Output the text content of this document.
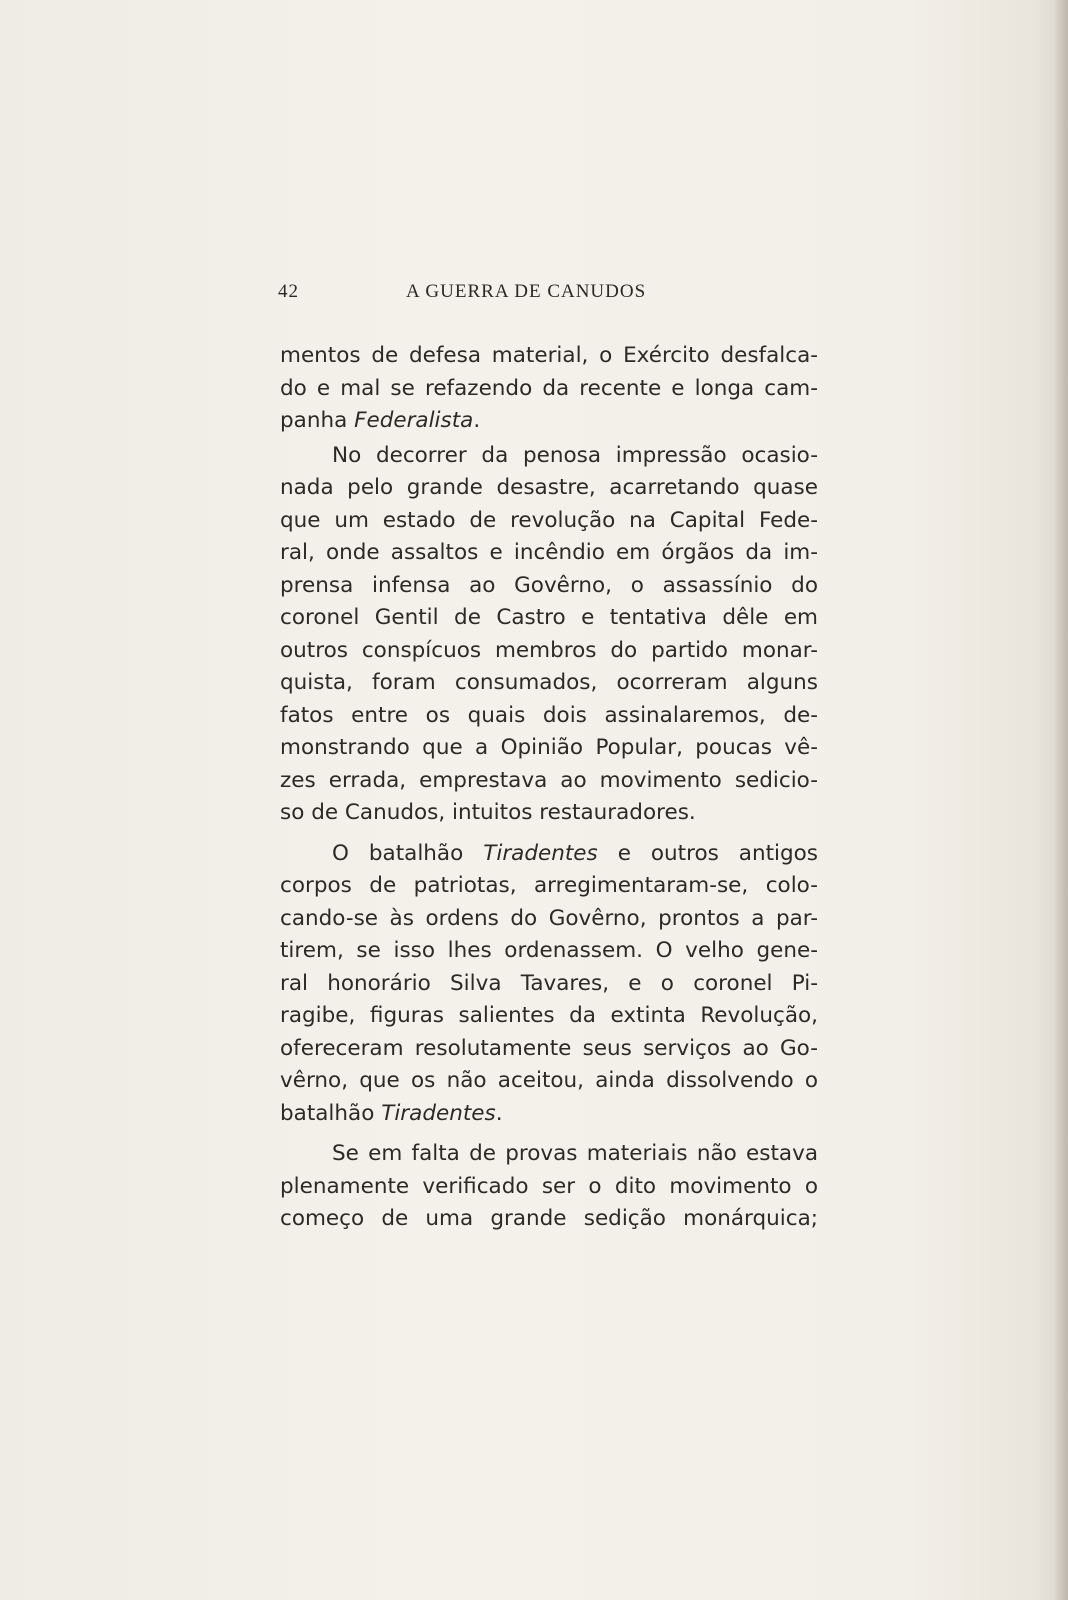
42	A GUERRA DE CANUDOS

mentos de defesa material, o Exército desfalca-
do e mal se refazendo da recente e longa cam-
panha Federalista.

No decorrer da penosa impressão ocasio-
nada pelo grande desastre, acarretando quase
que um estado de revolução na Capital Fede-
ral, onde assaltos e incêndio em órgãos da im-
prensa infensa ao Govêrno, o assassínio do
coronel Gentil de Castro e tentativa dêle em
outros conspícuos membros do partido monar-
quista, foram consumados, ocorreram alguns
fatos entre os quais dois assinalaremos, de-
monstrando que a Opinião Popular, poucas vê-
zes errada, emprestava ao movimento sedicio-
so de Canudos, intuitos restauradores.

O batalhão Tiradentes e outros antigos
corpos de patriotas, arregimentaram-se, colo-
cando-se às ordens do Govêrno, prontos a par-
tirem, se isso lhes ordenassem. O velho gene-
ral honorário Silva Tavares, e o coronel Pi-
ragibe, figuras salientes da extinta Revolução,
ofereceram resolutamente seus serviços ao Go-
vêrno, que os não aceitou, ainda dissolvendo o
batalhão Tiradentes.

Se em falta de provas materiais não estava
plenamente verificado ser o dito movimento o
começo de uma grande sedição monárquica;
